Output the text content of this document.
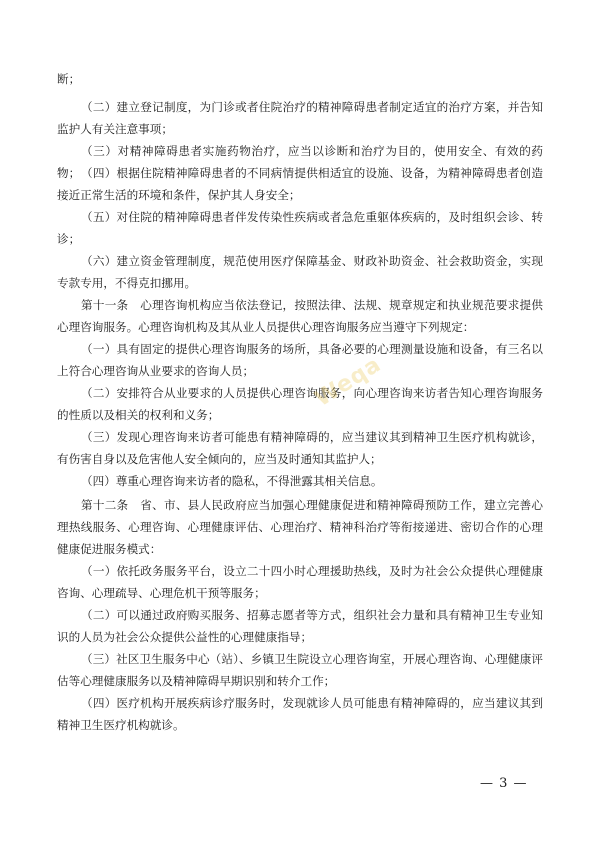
断；

（二）建立登记制度，为门诊或者住院治疗的精神障碍患者制定适宜的治疗方案，并告知监护人有关注意事项；

（三）对精神障碍患者实施药物治疗，应当以诊断和治疗为目的，使用安全、有效的药物； （四）根据住院精神障碍患者的不同病情提供相适宜的设施、设备，为精神障碍患者创造接近正常生活的环境和条件，保护其人身安全；

（五）对住院的精神障碍患者伴发传染性疾病或者急危重躯体疾病的，及时组织会诊、转诊；

（六）建立资金管理制度，规范使用医疗保障基金、财政补助资金、社会救助资金，实现专款专用，不得克扣挪用。

第十一条　心理咨询机构应当依法登记，按照法律、法规、规章规定和执业规范要求提供心理咨询服务。心理咨询机构及其从业人员提供心理咨询服务应当遵守下列规定：

（一）具有固定的提供心理咨询服务的场所，具备必要的心理测量设施和设备，有三名以上符合心理咨询从业要求的咨询人员；

（二）安排符合从业要求的人员提供心理咨询服务，向心理咨询来访者告知心理咨询服务的性质以及相关的权利和义务；

（三）发现心理咨询来访者可能患有精神障碍的，应当建议其到精神卫生医疗机构就诊，有伤害自身以及危害他人安全倾向的，应当及时通知其监护人；

（四）尊重心理咨询来访者的隐私，不得泄露其相关信息。

第十二条　省、市、县人民政府应当加强心理健康促进和精神障碍预防工作，建立完善心理热线服务、心理咨询、心理健康评估、心理治疗、精神科治疗等衔接递进、密切合作的心理健康促进服务模式：

（一）依托政务服务平台，设立二十四小时心理援助热线，及时为社会公众提供心理健康咨询、心理疏导、心理危机干预等服务；

（二）可以通过政府购买服务、招募志愿者等方式，组织社会力量和具有精神卫生专业知识的人员为社会公众提供公益性的心理健康指导；

（三）社区卫生服务中心（站）、乡镇卫生院设立心理咨询室，开展心理咨询、心理健康评估等心理健康服务以及精神障碍早期识别和转介工作；

（四）医疗机构开展疾病诊疗服务时，发现就诊人员可能患有精神障碍的，应当建议其到精神卫生医疗机构就诊。

Weqa
— 3 —
